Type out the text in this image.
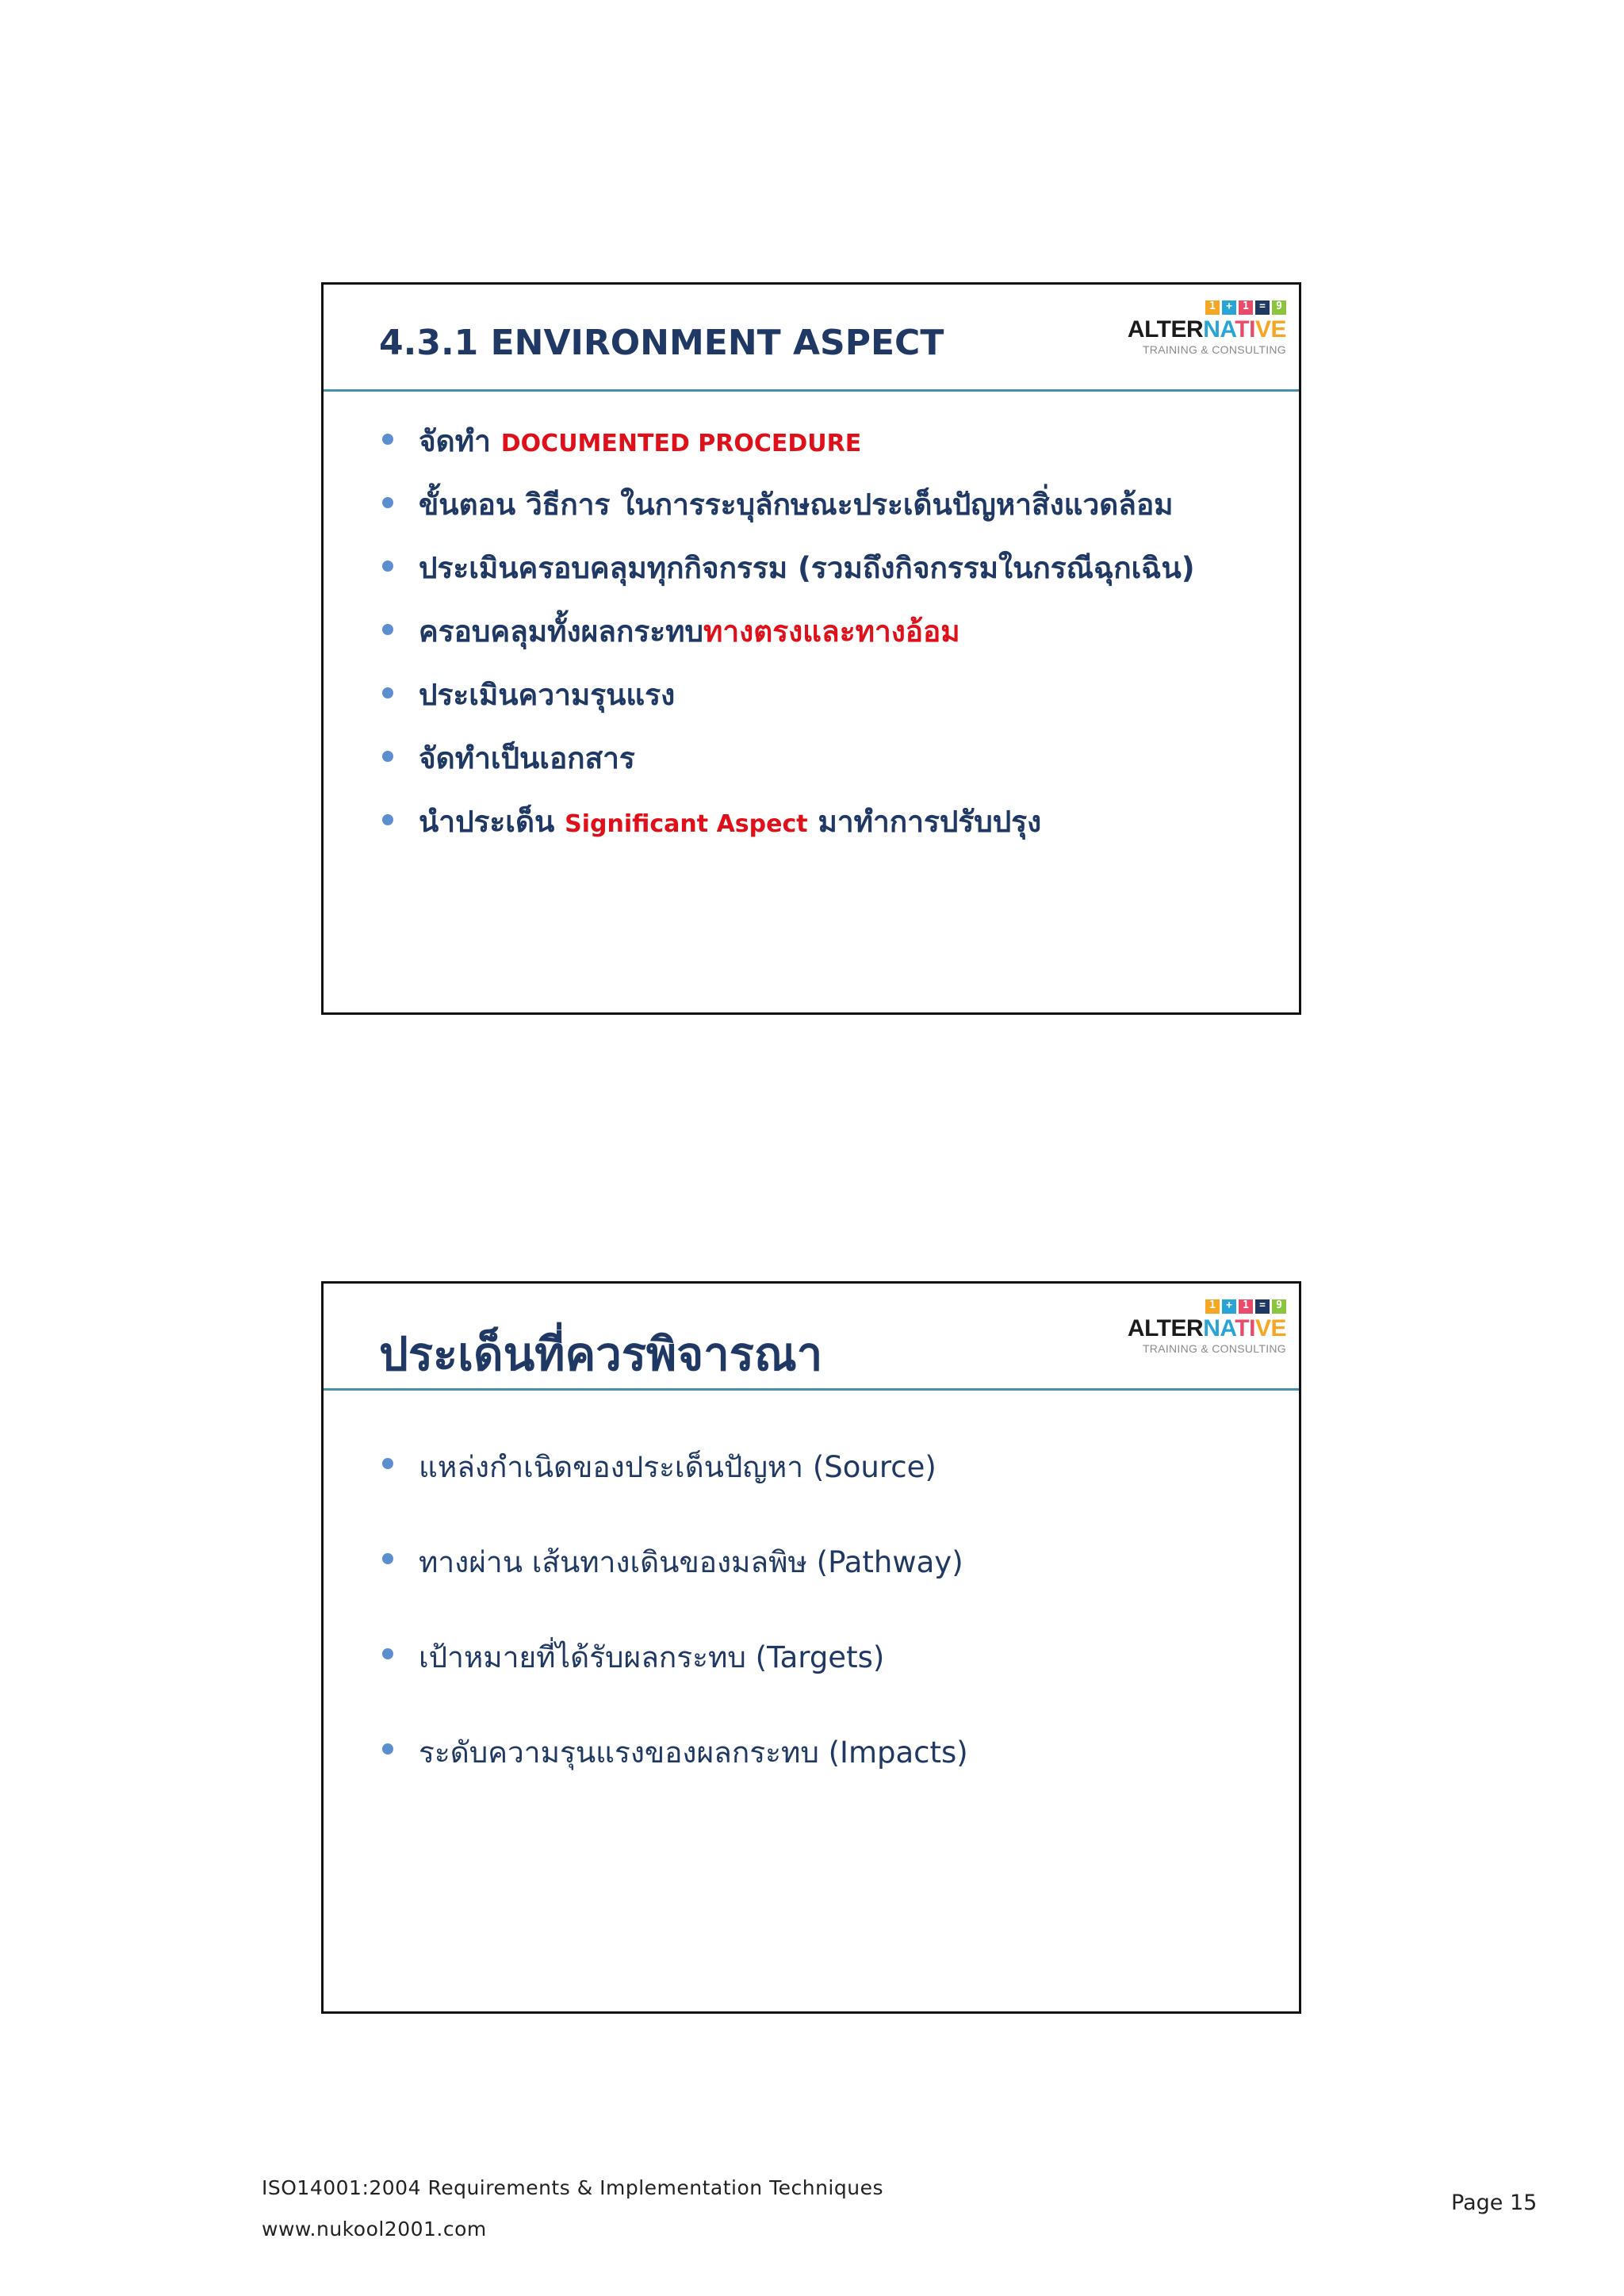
4.3.1 ENVIRONMENT ASPECT
1	+	1	=	9
ALTERNATIVE
TRAINING & CONSULTING
จัดทำ DOCUMENTED PROCEDURE
ขั้นตอน วิธีการ ในการระบุลักษณะประเด็นปัญหาสิ่งแวดล้อม
ประเมินครอบคลุมทุกกิจกรรม (รวมถึงกิจกรรมในกรณีฉุกเฉิน)
ครอบคลุมทั้งผลกระทบทางตรงและทางอ้อม
ประเมินความรุนแรง
จัดทำเป็นเอกสาร
นำประเด็น Significant Aspect มาทำการปรับปรุง
ประเด็นที่ควรพิจารณา
1	+	1	=	9
ALTERNATIVE
TRAINING & CONSULTING
แหล่งกำเนิดของประเด็นปัญหา (Source)
ทางผ่าน เส้นทางเดินของมลพิษ (Pathway)
เป้าหมายที่ได้รับผลกระทบ (Targets)
ระดับความรุนแรงของผลกระทบ (Impacts)
ISO14001:2004 Requirements & Implementation Techniques
www.nukool2001.com
Page 15
